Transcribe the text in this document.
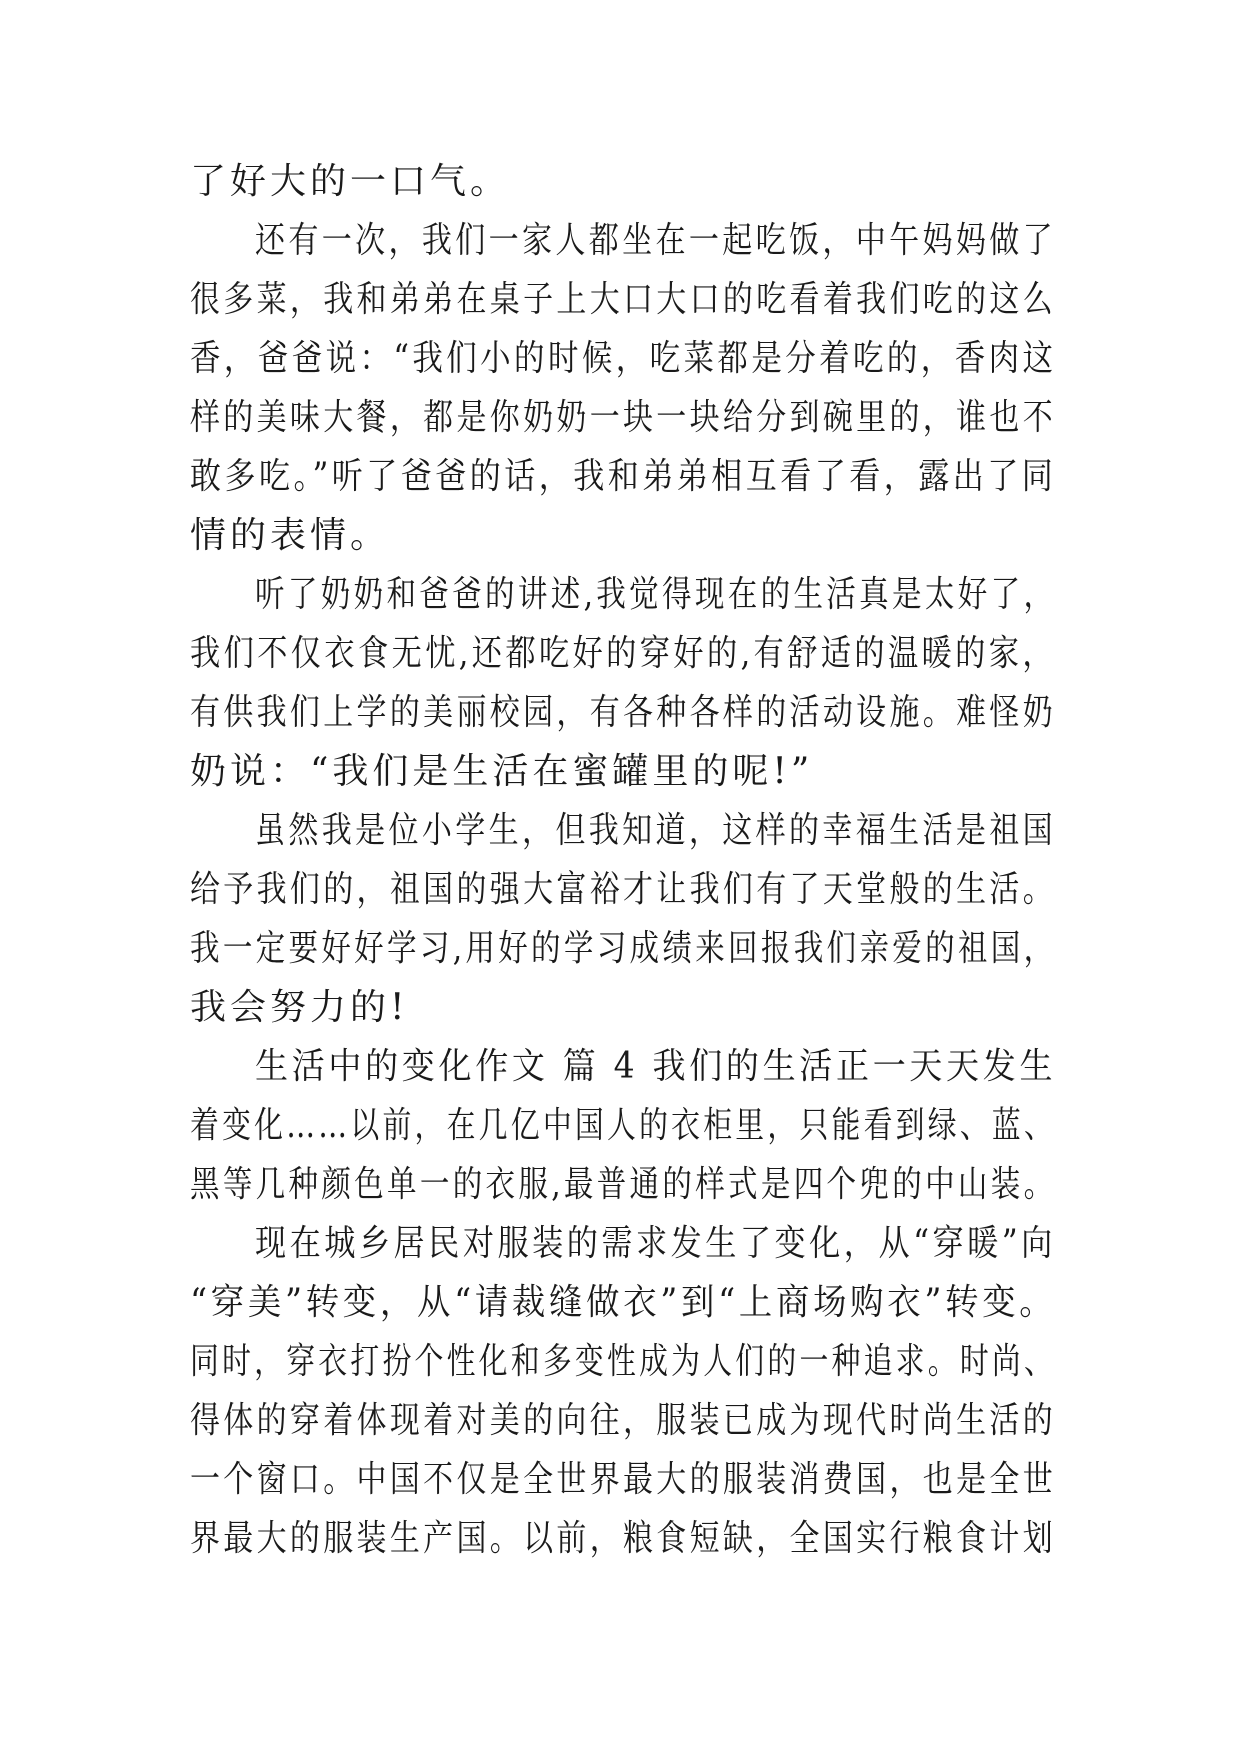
了好大的一口气。
还有一次，我们一家人都坐在一起吃饭，中午妈妈做了
很多菜，我和弟弟在桌子上大口大口的吃看着我们吃的这么
香，爸爸说：“我们小的时候，吃菜都是分着吃的，香肉这
样的美味大餐，都是你奶奶一块一块给分到碗里的，谁也不
敢多吃。”听了爸爸的话，我和弟弟相互看了看，露出了同
情的表情。
听了奶奶和爸爸的讲述,我觉得现在的生活真是太好了，
我们不仅衣食无忧,还都吃好的穿好的,有舒适的温暖的家，
有供我们上学的美丽校园，有各种各样的活动设施。难怪奶
奶说：“我们是生活在蜜罐里的呢!”
虽然我是位小学生，但我知道，这样的幸福生活是祖国
给予我们的，祖国的强大富裕才让我们有了天堂般的生活。
我一定要好好学习,用好的学习成绩来回报我们亲爱的祖国，
我会努力的!
生活中的变化作文 篇 4 我们的生活正一天天发生
着变化……以前，在几亿中国人的衣柜里，只能看到绿、蓝、
黑等几种颜色单一的衣服,最普通的样式是四个兜的中山装。
现在城乡居民对服装的需求发生了变化，从“穿暖”向
“穿美”转变，从“请裁缝做衣”到“上商场购衣”转变。
同时，穿衣打扮个性化和多变性成为人们的一种追求。时尚、
得体的穿着体现着对美的向往，服装已成为现代时尚生活的
一个窗口。中国不仅是全世界最大的服装消费国，也是全世
界最大的服装生产国。以前，粮食短缺，全国实行粮食计划
